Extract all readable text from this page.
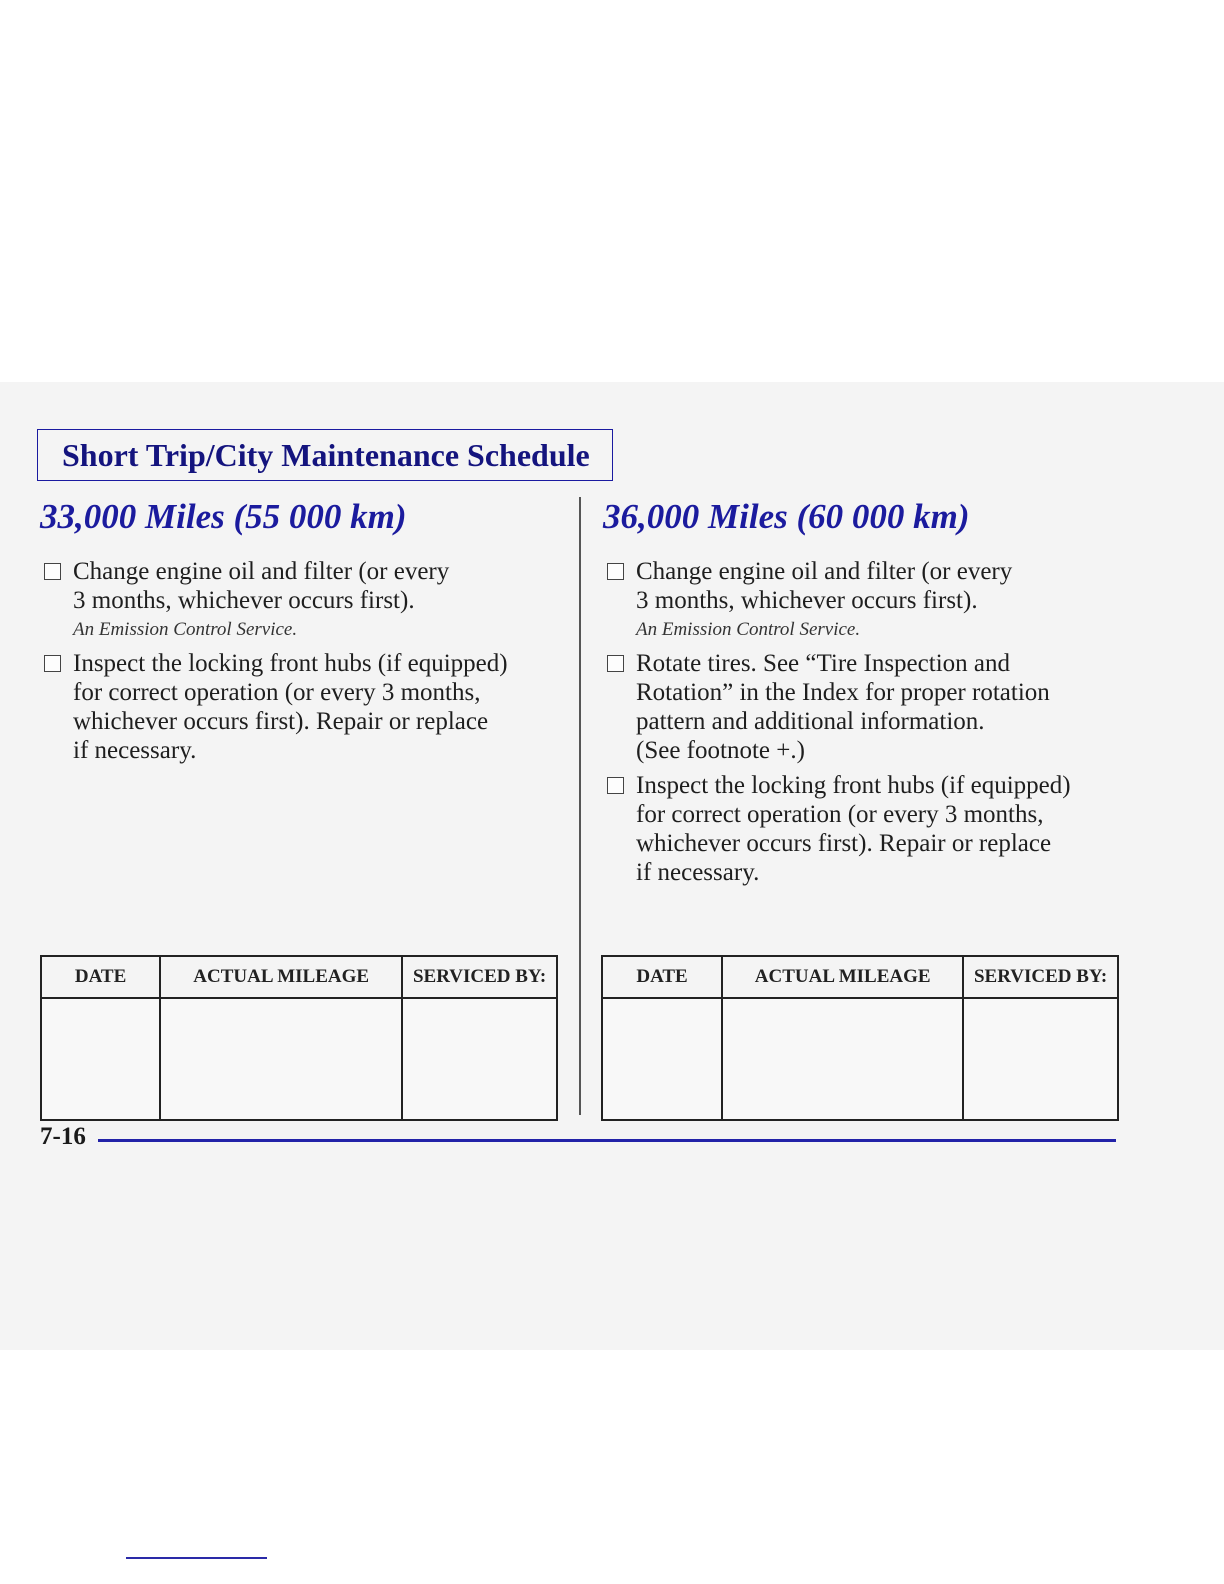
Short Trip/City Maintenance Schedule
33,000 Miles (55 000 km)
Change engine oil and filter (or every
3 months, whichever occurs first).
An Emission Control Service.
Inspect the locking front hubs (if equipped)
for correct operation (or every 3 months,
whichever occurs first). Repair or replace
if necessary.
36,000 Miles (60 000 km)
Change engine oil and filter (or every
3 months, whichever occurs first).
An Emission Control Service.
Rotate tires. See “Tire Inspection and
Rotation” in the Index for proper rotation
pattern and additional information.
(See footnote +.)
Inspect the locking front hubs (if equipped)
for correct operation (or every 3 months,
whichever occurs first). Repair or replace
if necessary.
DATE	ACTUAL MILEAGE	SERVICED BY:
			DATE	ACTUAL MILEAGE	SERVICED BY:

7-16
